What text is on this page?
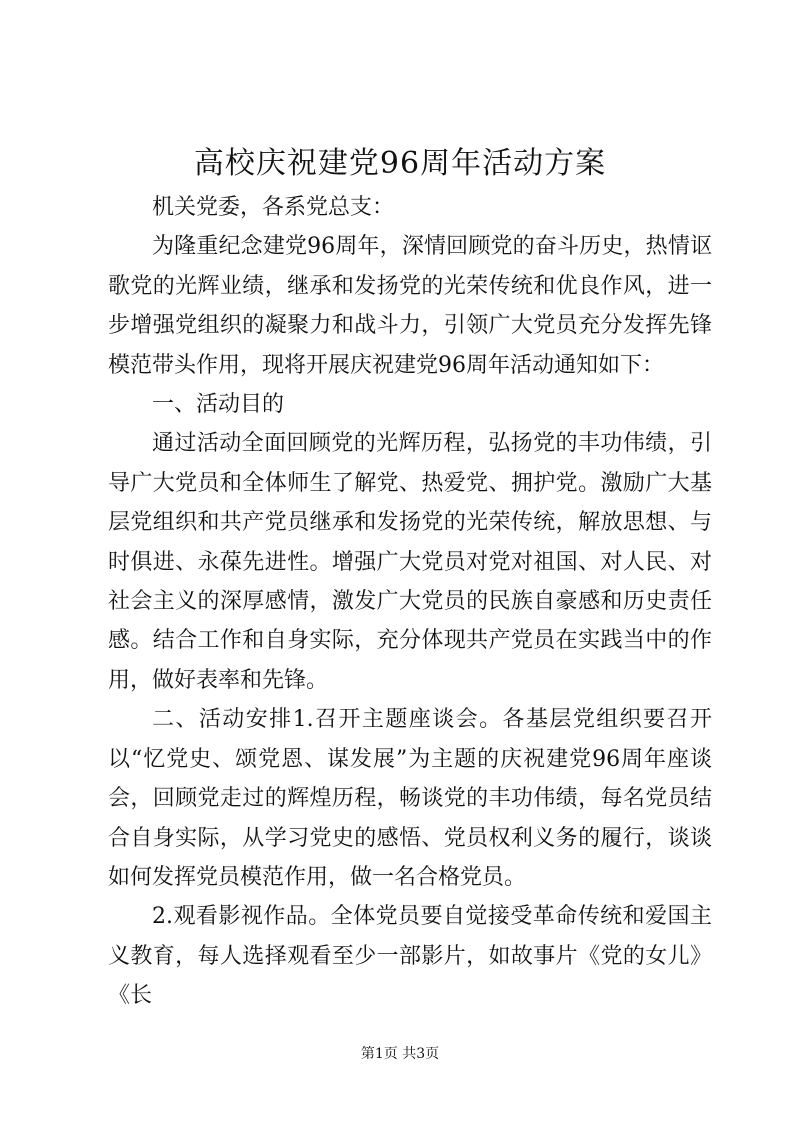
高校庆祝建党96周年活动方案

机关党委，各系党总支：

为隆重纪念建党96周年，深情回顾党的奋斗历史，热情讴歌党的光辉业绩，继承和发扬党的光荣传统和优良作风，进一步增强党组织的凝聚力和战斗力，引领广大党员充分发挥先锋模范带头作用，现将开展庆祝建党96周年活动通知如下：

一、活动目的

通过活动全面回顾党的光辉历程，弘扬党的丰功伟绩，引导广大党员和全体师生了解党、热爱党、拥护党。激励广大基层党组织和共产党员继承和发扬党的光荣传统，解放思想、与时俱进、永葆先进性。增强广大党员对党对祖国、对人民、对社会主义的深厚感情，激发广大党员的民族自豪感和历史责任感。结合工作和自身实际，充分体现共产党员在实践当中的作用，做好表率和先锋。

二、活动安排1.召开主题座谈会。各基层党组织要召开以“忆党史、颂党恩、谋发展”为主题的庆祝建党96周年座谈会，回顾党走过的辉煌历程，畅谈党的丰功伟绩，每名党员结合自身实际，从学习党史的感悟、党员权利义务的履行，谈谈如何发挥党员模范作用，做一名合格党员。

2.观看影视作品。全体党员要自觉接受革命传统和爱国主义教育，每人选择观看至少一部影片，如故事片《党的女儿》《长

第1页 共3页
